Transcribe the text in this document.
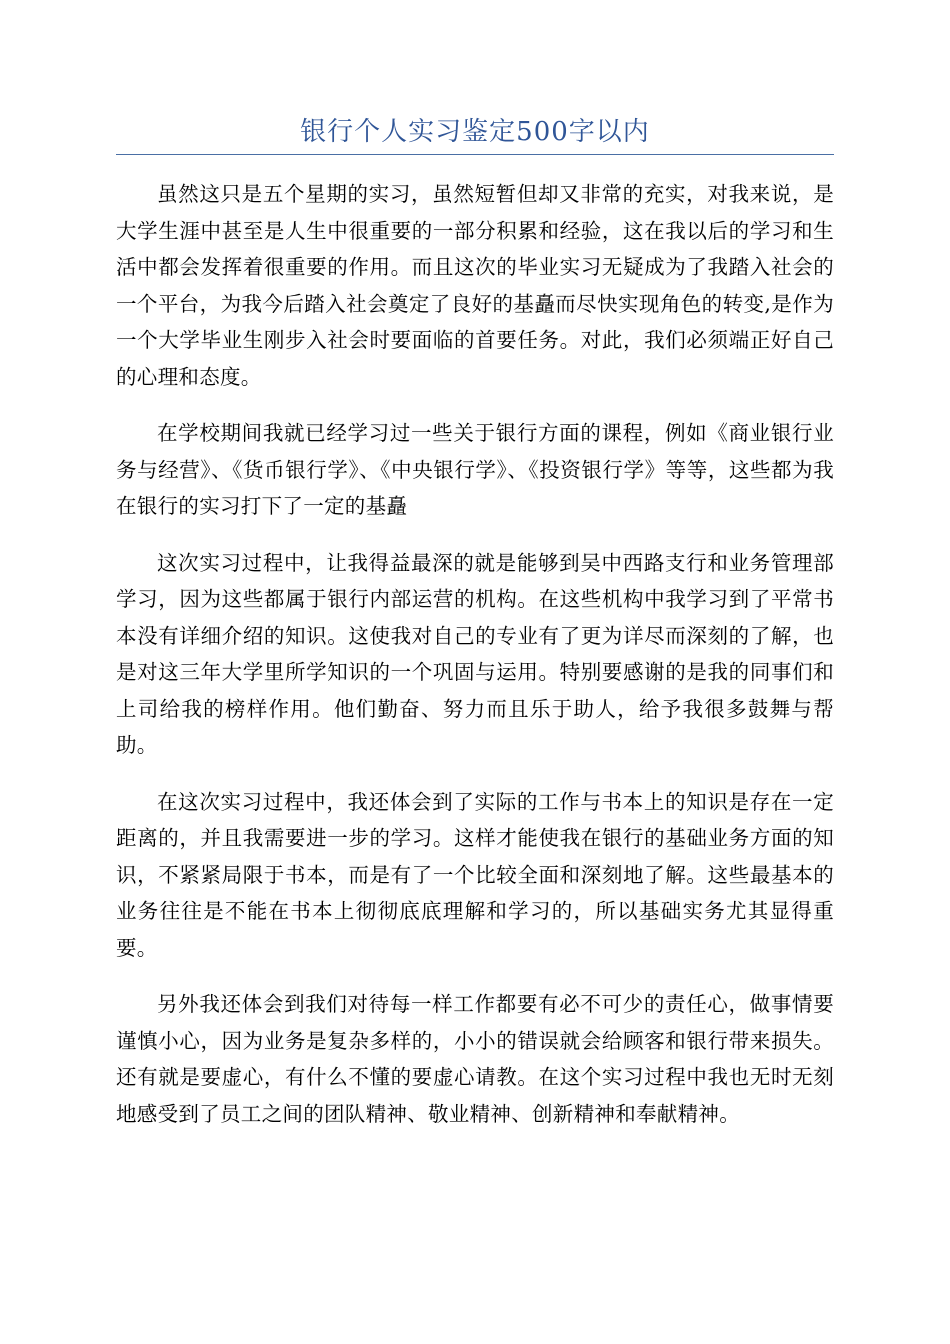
银行个人实习鉴定500字以内

虽然这只是五个星期的实习，虽然短暂但却又非常的充实，对我来说，是大学生涯中甚至是人生中很重要的一部分积累和经验，这在我以后的学习和生活中都会发挥着很重要的作用。而且这次的毕业实习无疑成为了我踏入社会的一个平台，为我今后踏入社会奠定了良好的基矗而尽快实现角色的转变,是作为一个大学毕业生刚步入社会时要面临的首要任务。对此，我们必须端正好自己的心理和态度。

在学校期间我就已经学习过一些关于银行方面的课程，例如《商业银行业务与经营》、《货币银行学》、《中央银行学》、《投资银行学》等等，这些都为我在银行的实习打下了一定的基矗

这次实习过程中，让我得益最深的就是能够到吴中西路支行和业务管理部学习，因为这些都属于银行内部运营的机构。在这些机构中我学习到了平常书本没有详细介绍的知识。这使我对自己的专业有了更为详尽而深刻的了解，也是对这三年大学里所学知识的一个巩固与运用。特别要感谢的是我的同事们和上司给我的榜样作用。他们勤奋、努力而且乐于助人，给予我很多鼓舞与帮助。

在这次实习过程中，我还体会到了实际的工作与书本上的知识是存在一定距离的，并且我需要进一步的学习。这样才能使我在银行的基础业务方面的知识，不紧紧局限于书本，而是有了一个比较全面和深刻地了解。这些最基本的业务往往是不能在书本上彻彻底底理解和学习的，所以基础实务尤其显得重要。

另外我还体会到我们对待每一样工作都要有必不可少的责任心，做事情要谨慎小心，因为业务是复杂多样的，小小的错误就会给顾客和银行带来损失。还有就是要虚心，有什么不懂的要虚心请教。在这个实习过程中我也无时无刻地感受到了员工之间的团队精神、敬业精神、创新精神和奉献精神。
